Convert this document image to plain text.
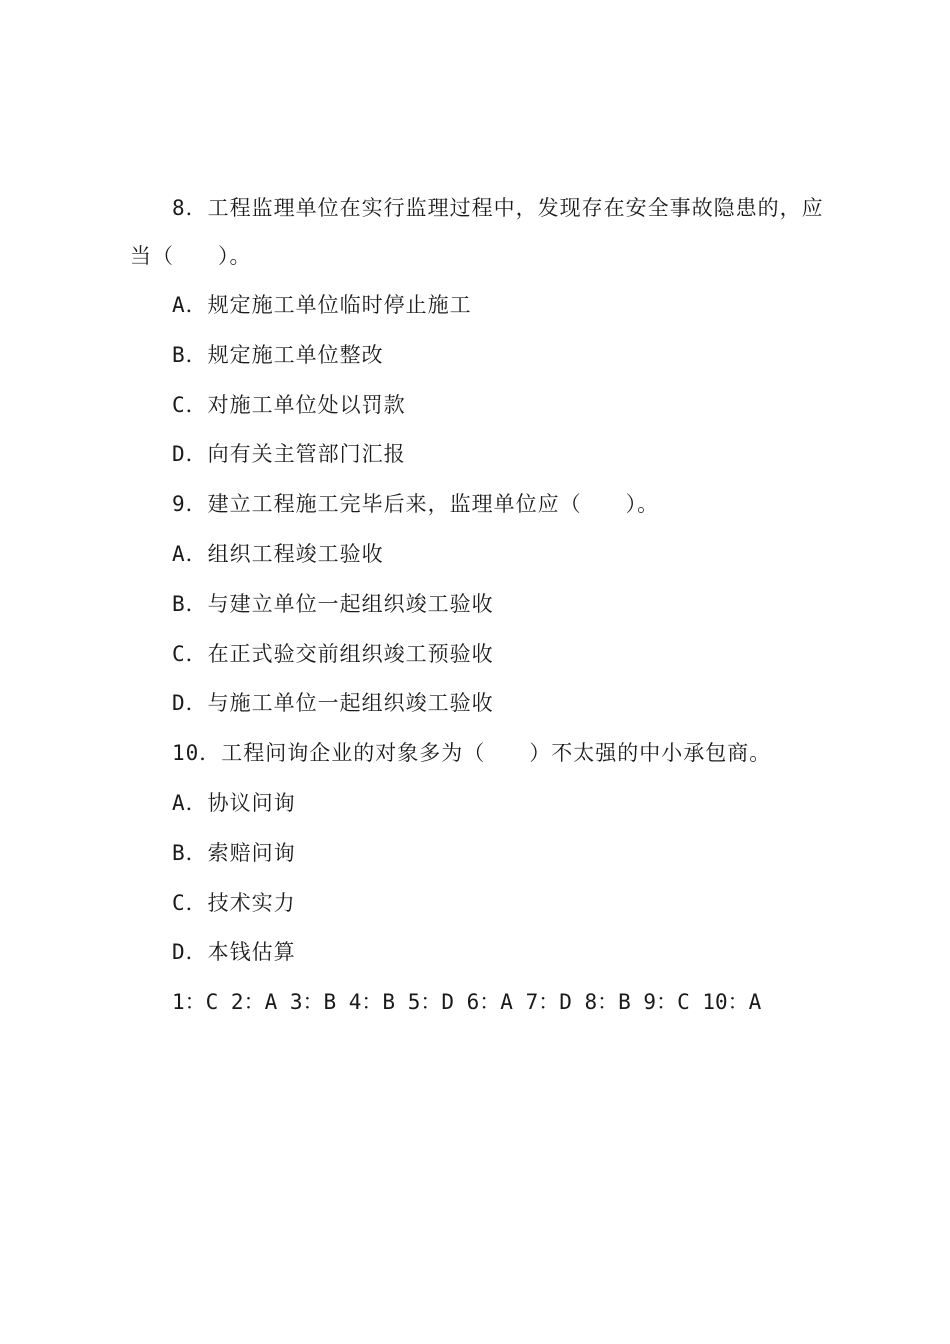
8．工程监理单位在实行监理过程中，发现存在安全事故隐患的，应
当（　　）。
A．规定施工单位临时停止施工
B．规定施工单位整改
C．对施工单位处以罚款
D．向有关主管部门汇报
9．建立工程施工完毕后来，监理单位应（　　）。
A．组织工程竣工验收
B．与建立单位一起组织竣工验收
C．在正式验交前组织竣工预验收
D．与施工单位一起组织竣工验收
10．工程问询企业的对象多为（　　）不太强的中小承包商。
A．协议问询
B．索赔问询
C．技术实力
D．本钱估算
1：C 2：A 3：B 4：B 5：D 6：A 7：D 8：B 9：C 10：A
